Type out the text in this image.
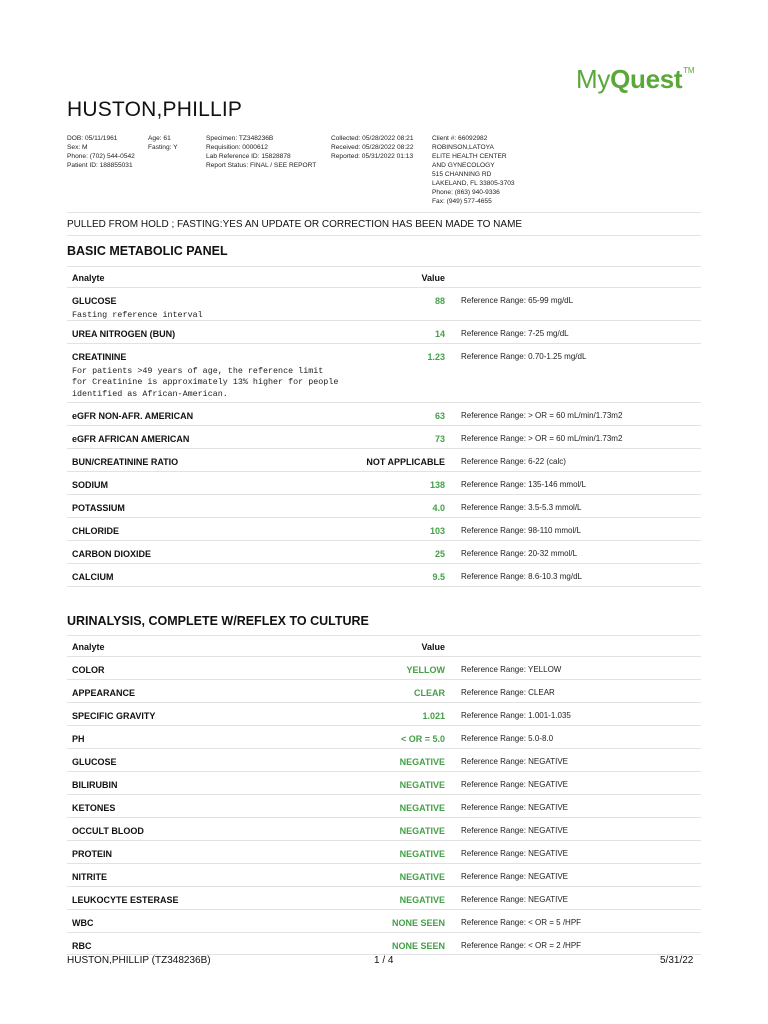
MyQuest™
HUSTON,PHILLIP
DOB: 05/11/1961
Sex: M
Phone: (702) 544-0542
Patient ID: 188855031
Age: 61
Fasting: Y
Specimen: TZ348236B
Requisition: 0000612
Lab Reference ID: 15828878
Report Status: FINAL / SEE REPORT
Collected: 05/28/2022 08:21
Received: 05/28/2022 08:22
Reported: 05/31/2022 01:13
Client #: 66092982
ROBINSON,LATOYA
ELITE HEALTH CENTER
AND GYNECOLOGY
515 CHANNING RD
LAKELAND, FL 33805-3703
Phone: (863) 940-9336
Fax: (949) 577-4655
PULLED FROM HOLD ; FASTING:YES AN UPDATE OR CORRECTION HAS BEEN MADE TO NAME
BASIC METABOLIC PANEL
Analyte	Value
GLUCOSE	88 Reference Range: 65-99 mg/dL
Fasting reference interval
UREA NITROGEN (BUN)	14 Reference Range: 7-25 mg/dL
CREATININE	1.23 Reference Range: 0.70-1.25 mg/dL
For patients >49 years of age, the reference limit
for Creatinine is approximately 13% higher for people
identified as African-American.
eGFR NON-AFR. AMERICAN	63 Reference Range: > OR = 60 mL/min/1.73m2
eGFR AFRICAN AMERICAN	73 Reference Range: > OR = 60 mL/min/1.73m2
BUN/CREATININE RATIO	NOT APPLICABLE Reference Range: 6-22 (calc)
SODIUM	138 Reference Range: 135-146 mmol/L
POTASSIUM	4.0 Reference Range: 3.5-5.3 mmol/L
CHLORIDE	103 Reference Range: 98-110 mmol/L
CARBON DIOXIDE	25 Reference Range: 20-32 mmol/L
CALCIUM	9.5 Reference Range: 8.6-10.3 mg/dL
URINALYSIS, COMPLETE W/REFLEX TO CULTURE
Analyte	Value
COLOR	YELLOW Reference Range: YELLOW
APPEARANCE	CLEAR Reference Range: CLEAR
SPECIFIC GRAVITY	1.021 Reference Range: 1.001-1.035
PH	< OR = 5.0 Reference Range: 5.0-8.0
GLUCOSE	NEGATIVE Reference Range: NEGATIVE
BILIRUBIN	NEGATIVE Reference Range: NEGATIVE
KETONES	NEGATIVE Reference Range: NEGATIVE
OCCULT BLOOD	NEGATIVE Reference Range: NEGATIVE
PROTEIN	NEGATIVE Reference Range: NEGATIVE
NITRITE	NEGATIVE Reference Range: NEGATIVE
LEUKOCYTE ESTERASE	NEGATIVE Reference Range: NEGATIVE
WBC	NONE SEEN Reference Range: < OR = 5 /HPF
RBC	NONE SEEN Reference Range: < OR = 2 /HPF
HUSTON,PHILLIP (TZ348236B)	1 / 4	5/31/22
